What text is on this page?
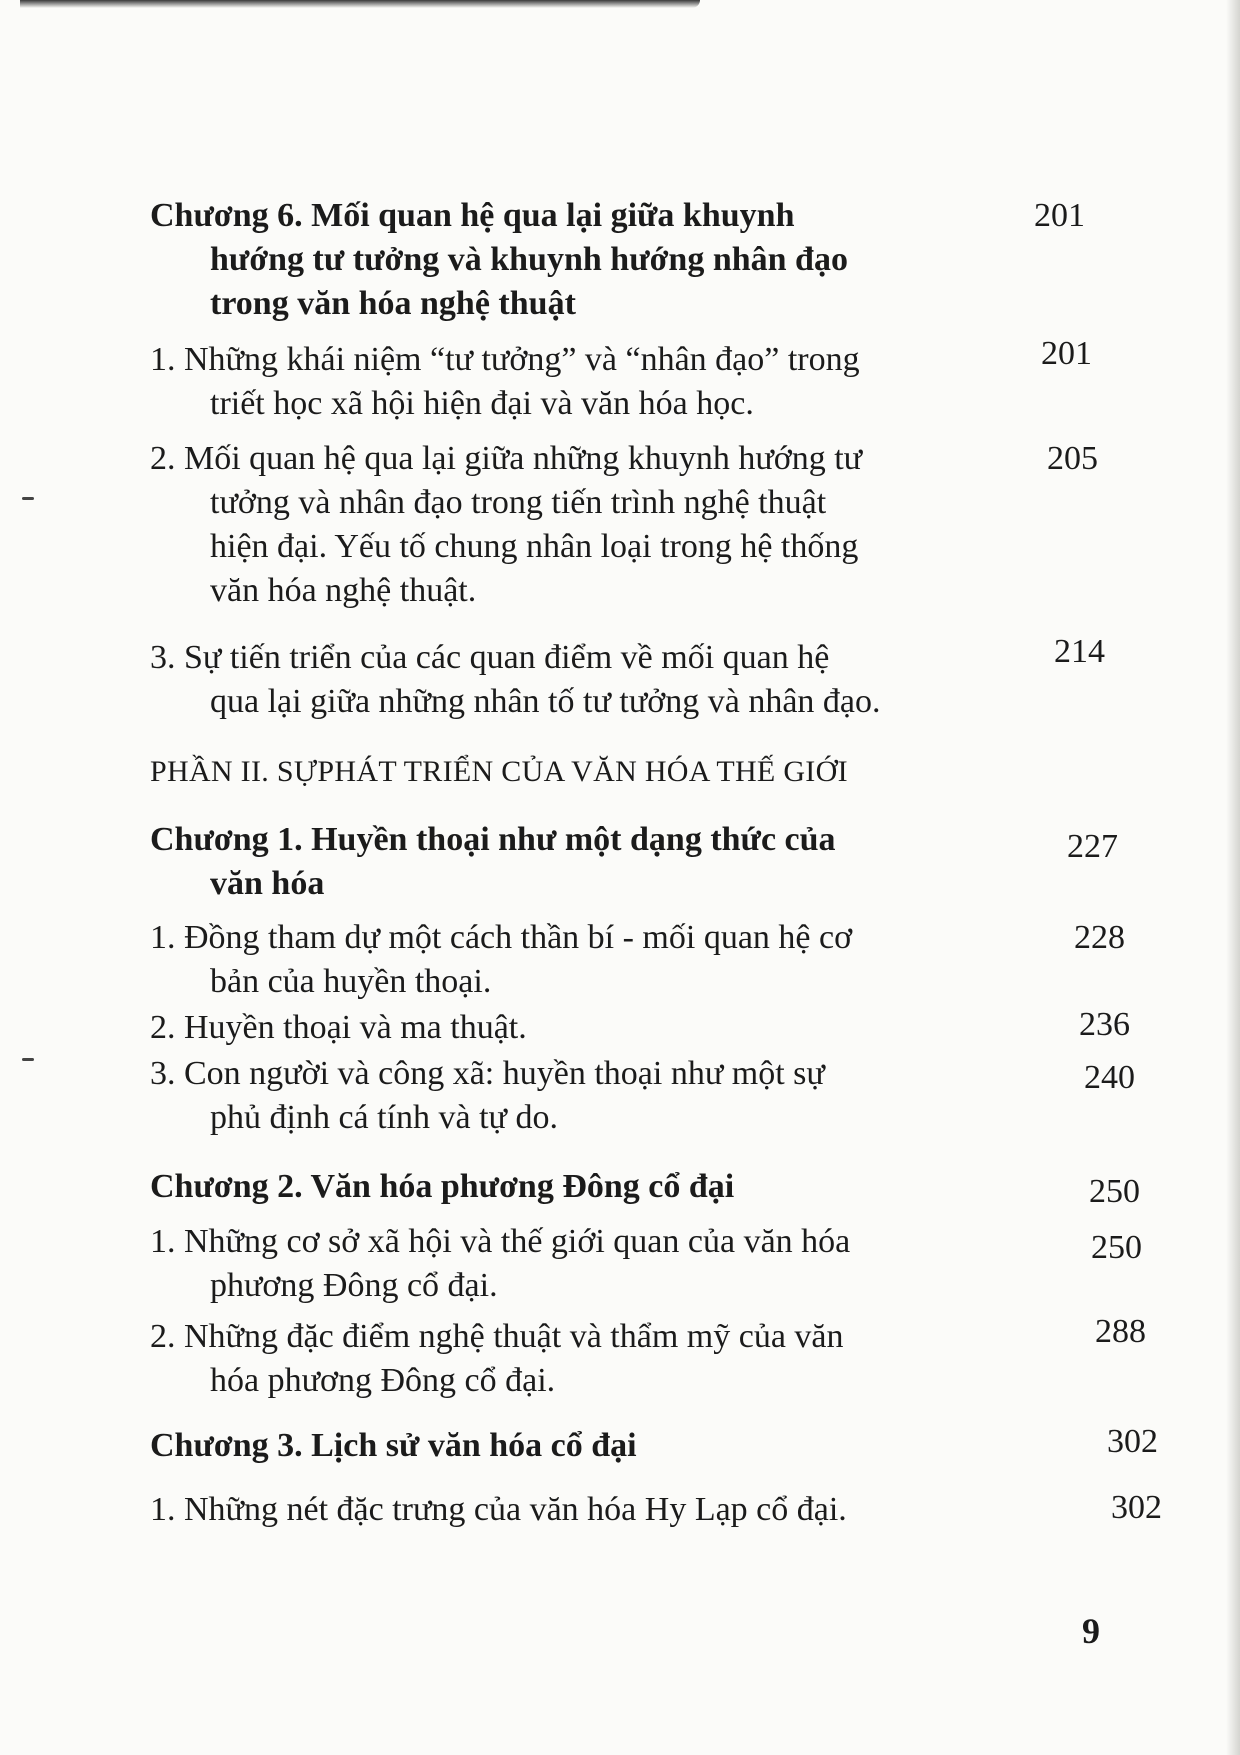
Chương 6. Mối quan hệ qua lại giữa khuynh
hướng tư tưởng và khuynh hướng nhân đạo
trong văn hóa nghệ thuật
201
1. Những khái niệm “tư tưởng” và “nhân đạo” trong
triết học xã hội hiện đại và văn hóa học.
201
2. Mối quan hệ qua lại giữa những khuynh hướng tư
tưởng và nhân đạo trong tiến trình nghệ thuật
hiện đại. Yếu tố chung nhân loại trong hệ thống
văn hóa nghệ thuật.
205
3. Sự tiến triển của các quan điểm về mối quan hệ
qua lại giữa những nhân tố tư tưởng và nhân đạo.
214
PHẦN II. SỰPHÁT TRIỂN CỦA VĂN HÓA THẾ GIỚI
Chương 1. Huyền thoại như một dạng thức của
văn hóa
227
1. Đồng tham dự một cách thần bí - mối quan hệ cơ
bản của huyền thoại.
228
2. Huyền thoại và ma thuật.	236
3. Con người và công xã: huyền thoại như một sự
phủ định cá tính và tự do.
240
Chương 2. Văn hóa phương Đông cổ đại	250
1. Những cơ sở xã hội và thế giới quan của văn hóa
phương Đông cổ đại.
250
2. Những đặc điểm nghệ thuật và thẩm mỹ của văn
hóa phương Đông cổ đại.
288
Chương 3. Lịch sử văn hóa cổ đại	302
1. Những nét đặc trưng của văn hóa Hy Lạp cổ đại.	302
9
